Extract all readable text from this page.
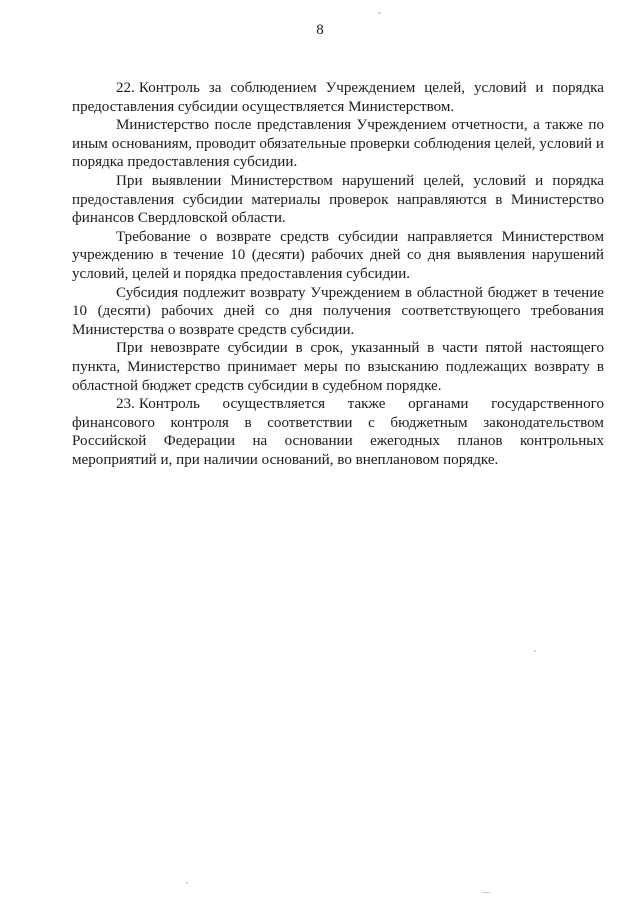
8

22. Контроль за соблюдением Учреждением целей, условий и порядка предоставления субсидии осуществляется Министерством.

Министерство после представления Учреждением отчетности, а также по иным основаниям, проводит обязательные проверки соблюдения целей, условий и порядка предоставления субсидии.

При выявлении Министерством нарушений целей, условий и порядка предоставления субсидии материалы проверок направляются в Министерство финансов Свердловской области.

Требование о возврате средств субсидии направляется Министерством учреждению в течение 10 (десяти) рабочих дней со дня выявления нарушений условий, целей и порядка предоставления субсидии.

Субсидия подлежит возврату Учреждением в областной бюджет в течение 10 (десяти) рабочих дней со дня получения соответствующего требования Министерства о возврате средств субсидии.

При невозврате субсидии в срок, указанный в части пятой настоящего пункта, Министерство принимает меры по взысканию подлежащих возврату в областной бюджет средств субсидии в судебном порядке.

23. Контроль осуществляется также органами государственного финансового контроля в соответствии с бюджетным законодательством Российской Федерации на основании ежегодных планов контрольных мероприятий и, при наличии оснований, во внеплановом порядке.
